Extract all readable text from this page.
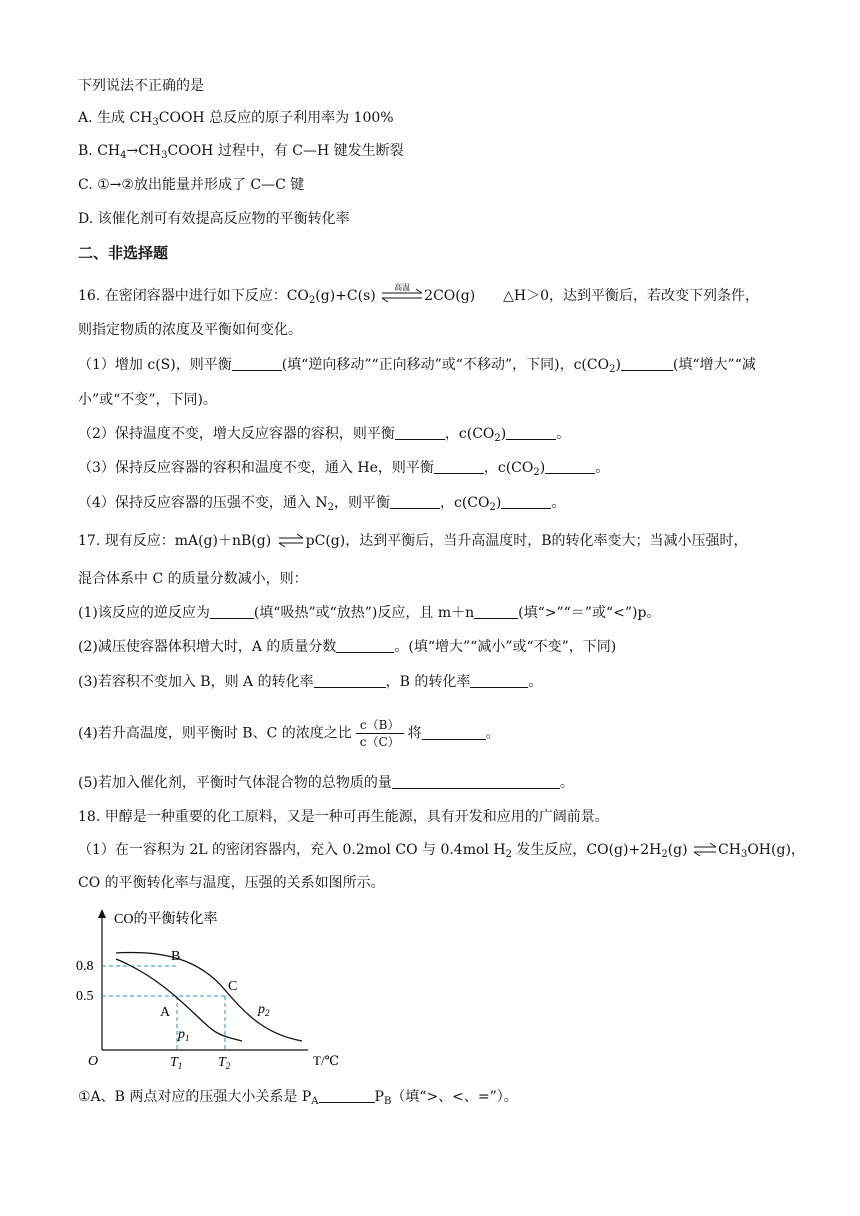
下列说法不正确的是
A. 生成 $CH_3COOH$ 总反应的原子利用率为 100%
B. $CH_4\to CH_3COOH$ 过程中，有 C—H 键发生断裂
C. ①→②放出能量并形成了 C—C 键
D. 该催化剂可有效提高反应物的平衡转化率
二、非选择题
16. 在密闭容器中进行如下反应：$CO_2(g)+C(s)$
高温
2CO(g) △H＞0，达到平衡后，若改变下列条件，
则指定物质的浓度及平衡如何变化。
（1）增加 c(S)，则平衡	(填“逆向移动”“正向移动”或“不移动”，下同)，$c(CO_2)$	(填“增大”“减
小”或“不变”，下同)。
（2）保持温度不变，增大反应容器的容积，则平衡	，$c(CO_2)$	。
（3）保持反应容器的容积和温度不变，通入 He，则平衡	，$c(CO_2)$	。
（4）保持反应容器的压强不变，通入 $N_2$，则平衡	，$c(CO_2)$	。
17. 现有反应：mA(g)＋nB(g) ⇌ pC(g)，达到平衡后，当升高温度时，B的转化率变大；当减小压强时，
混合体系中 C 的质量分数减小，则：
(1)该反应的逆反应为	(填“吸热”或“放热”)反应，且 m＋n	(填“>”“＝”或“<”)p。
(2)减压使容器体积增大时，A 的质量分数	。(填“增大”“减小”或“不变”，下同)
(3)若容积不变加入 B，则 A 的转化率	，B 的转化率	。
(4)若升高温度，则平衡时 B、C 的浓度之比 $\frac{c(B)}{c(C)}$ 将	。
(5)若加入催化剂，平衡时气体混合物的总物质的量	。
18. 甲醇是一种重要的化工原料，又是一种可再生能源，具有开发和应用的广阔前景。
（1）在一容积为 2L 的密闭容器内，充入 0.2mol CO 与 0.4mol $H_2$ 发生反应，$CO(g)+2H_2(g)$ $\rightleftharpoons CH_3OH(g)$，
CO 的平衡转化率与温度，压强的关系如图所示。
CO的平衡转化率
O	T/℃
0.8
0.5
$T_1$	$T_2$
A
B
C
$p_1$
$p_2$
①A、B 两点对应的压强大小关系是 $P_A$	$P_B$（填“>、<、=”）。
